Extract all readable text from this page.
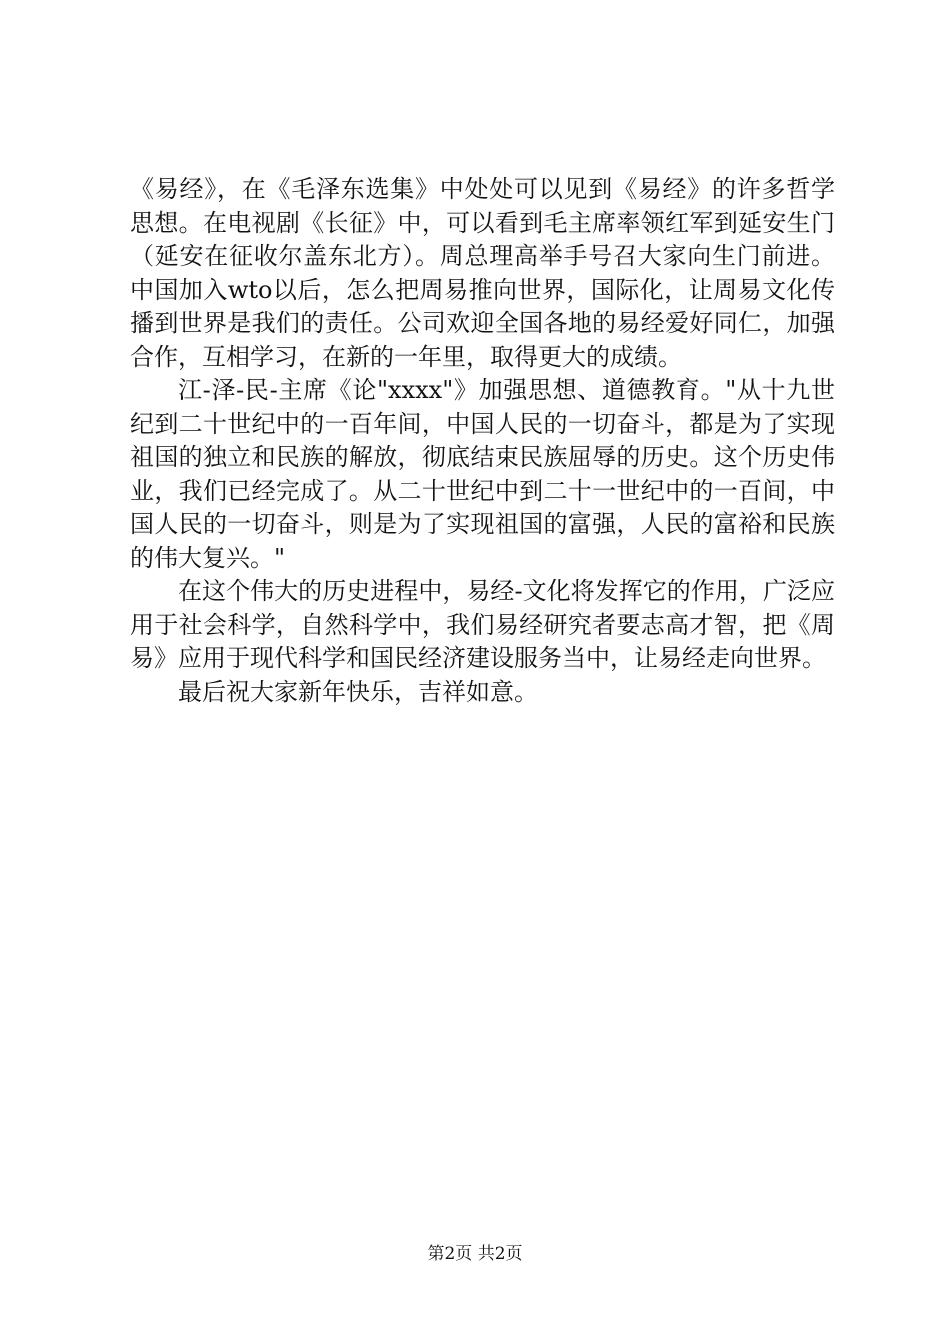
《易经》，在《毛泽东选集》中处处可以见到《易经》的许多哲学思想。在电视剧《长征》中，可以看到毛主席率领红军到延安生门（延安在征收尔盖东北方）。周总理高举手号召大家向生门前进。中国加入wto以后，怎么把周易推向世界，国际化，让周易文化传播到世界是我们的责任。公司欢迎全国各地的易经爱好同仁，加强合作，互相学习，在新的一年里，取得更大的成绩。

江-泽-民-主席《论"xxxx"》加强思想、道德教育。"从十九世纪到二十世纪中的一百年间，中国人民的一切奋斗，都是为了实现祖国的独立和民族的解放，彻底结束民族屈辱的历史。这个历史伟业，我们已经完成了。从二十世纪中到二十一世纪中的一百间，中国人民的一切奋斗，则是为了实现祖国的富强，人民的富裕和民族的伟大复兴。"

在这个伟大的历史进程中，易经-文化将发挥它的作用，广泛应用于社会科学，自然科学中，我们易经研究者要志高才智，把《周易》应用于现代科学和国民经济建设服务当中，让易经走向世界。

最后祝大家新年快乐，吉祥如意。

第2页 共2页
